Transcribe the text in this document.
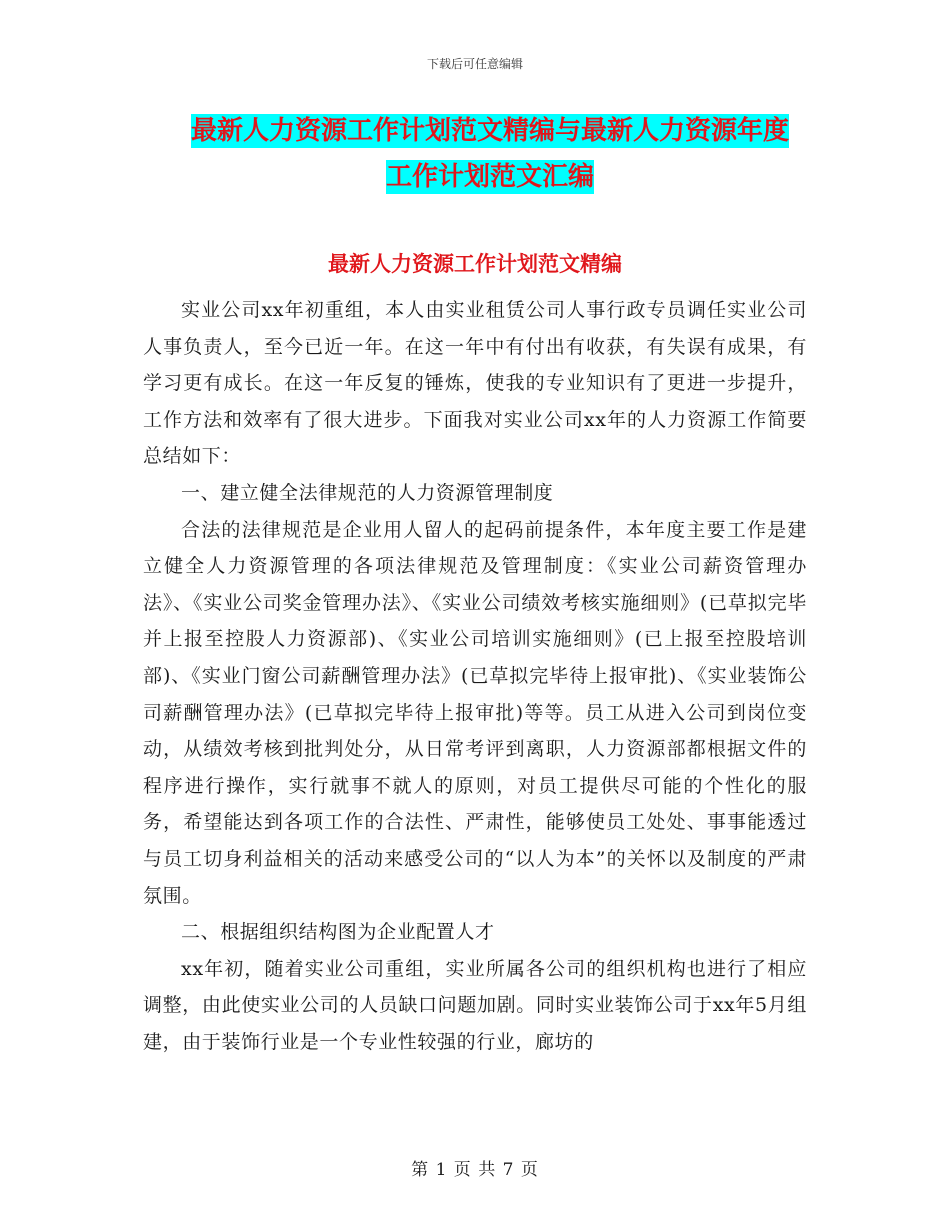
下载后可任意编辑
最新人力资源工作计划范文精编与最新人力资源年度
工作计划范文汇编
最新人力资源工作计划范文精编

实业公司xx年初重组，本人由实业租赁公司人事行政专员调任实业公司人事负责人，至今已近一年。在这一年中有付出有收获，有失误有成果，有学习更有成长。在这一年反复的锤炼，使我的专业知识有了更进一步提升，工作方法和效率有了很大进步。下面我对实业公司xx年的人力资源工作简要总结如下：

一、建立健全法律规范的人力资源管理制度

合法的法律规范是企业用人留人的起码前提条件，本年度主要工作是建立健全人力资源管理的各项法律规范及管理制度：《实业公司薪资管理办法》、《实业公司奖金管理办法》、《实业公司绩效考核实施细则》(已草拟完毕并上报至控股人力资源部)、《实业公司培训实施细则》(已上报至控股培训部)、《实业门窗公司薪酬管理办法》(已草拟完毕待上报审批)、《实业装饰公司薪酬管理办法》(已草拟完毕待上报审批)等等。员工从进入公司到岗位变动，从绩效考核到批判处分，从日常考评到离职，人力资源部都根据文件的程序进行操作，实行就事不就人的原则，对员工提供尽可能的个性化的服务，希望能达到各项工作的合法性、严肃性，能够使员工处处、事事能透过与员工切身利益相关的活动来感受公司的“以人为本”的关怀以及制度的严肃氛围。

二、根据组织结构图为企业配置人才

xx年初，随着实业公司重组，实业所属各公司的组织机构也进行了相应调整，由此使实业公司的人员缺口问题加剧。同时实业装饰公司于xx年5月组建，由于装饰行业是一个专业性较强的行业，廊坊的

第 1 页 共 7 页
